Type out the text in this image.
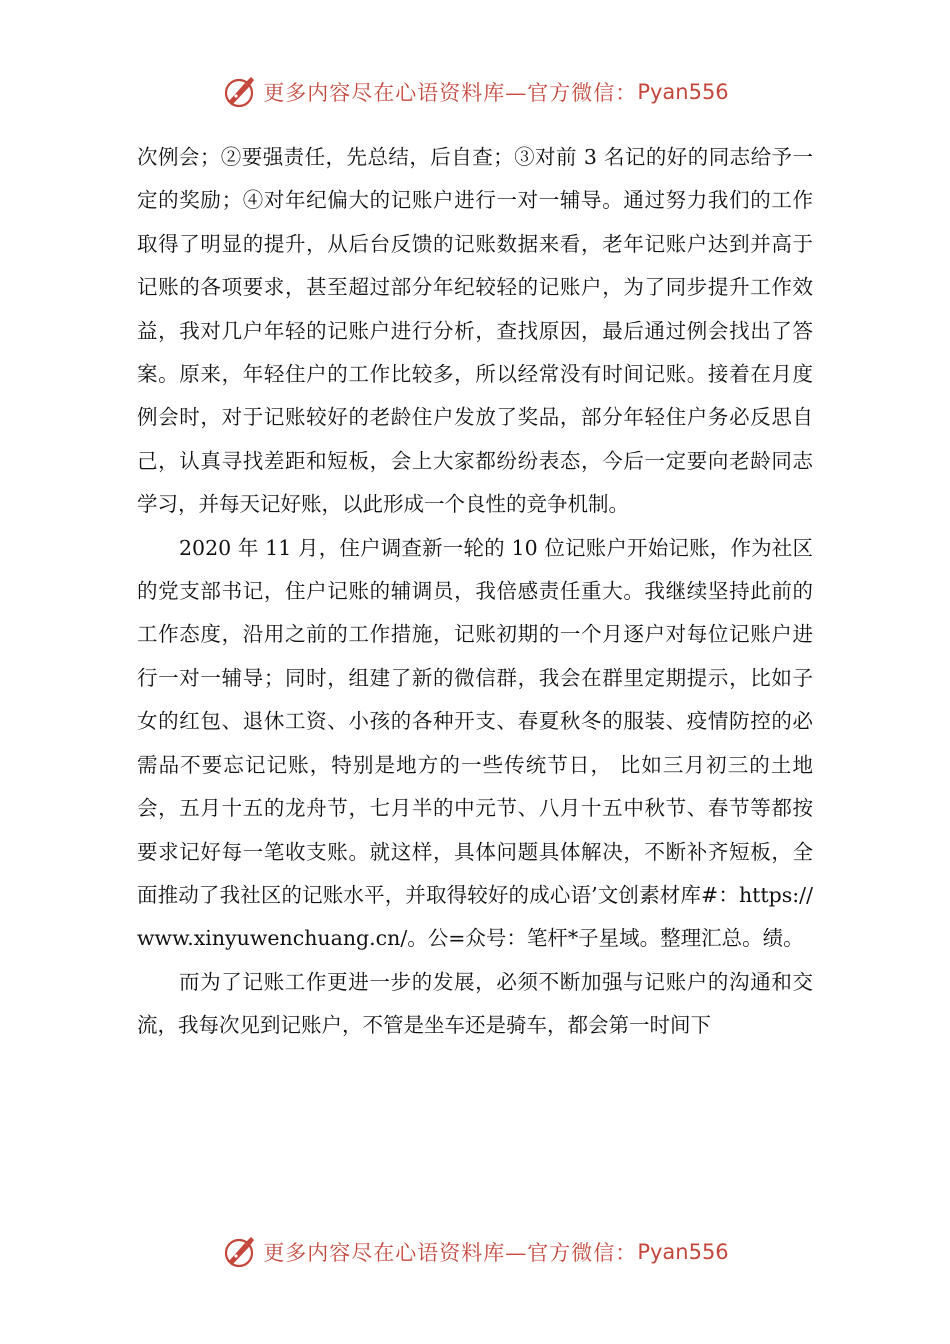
更多内容尽在心语资料库—官方微信： Pyan556

次例会；②要强责任，先总结，后自查；③对前 3 名记的好的同志给予一定的奖励；④对年纪偏大的记账户进行一对一辅导。通过努力我们的工作取得了明显的提升，从后台反馈的记账数据来看，老年记账户达到并高于记账的各项要求，甚至超过部分年纪较轻的记账户，为了同步提升工作效益，我对几户年轻的记账户进行分析，查找原因，最后通过例会找出了答案。原来，年轻住户的工作比较多，所以经常没有时间记账。接着在月度例会时，对于记账较好的老龄住户发放了奖品，部分年轻住户务必反思自己，认真寻找差距和短板，会上大家都纷纷表态，今后一定要向老龄同志学习，并每天记好账，以此形成一个良性的竞争机制。

2020 年 11 月，住户调查新一轮的 10 位记账户开始记账，作为社区的党支部书记，住户记账的辅调员，我倍感责任重大。我继续坚持此前的工作态度，沿用之前的工作措施，记账初期的一个月逐户对每位记账户进行一对一辅导；同时，组建了新的微信群，我会在群里定期提示，比如子女的红包、退休工资、小孩的各种开支、春夏秋冬的服装、疫情防控的必需品不要忘记记账，特别是地方的一些传统节日， 比如三月初三的土地会，五月十五的龙舟节，七月半的中元节、八月十五中秋节、春节等都按要求记好每一笔收支账。就这样，具体问题具体解决，不断补齐短板，全面推动了我社区的记账水平，并取得较好的成心语’文创素材库#：https://www.xinyuwenchuang.cn/。公=众号：笔杆*子星域。整理汇总。绩。

而为了记账工作更进一步的发展，必须不断加强与记账户的沟通和交流，我每次见到记账户，不管是坐车还是骑车，都会第一时间下

更多内容尽在心语资料库—官方微信： Pyan556
